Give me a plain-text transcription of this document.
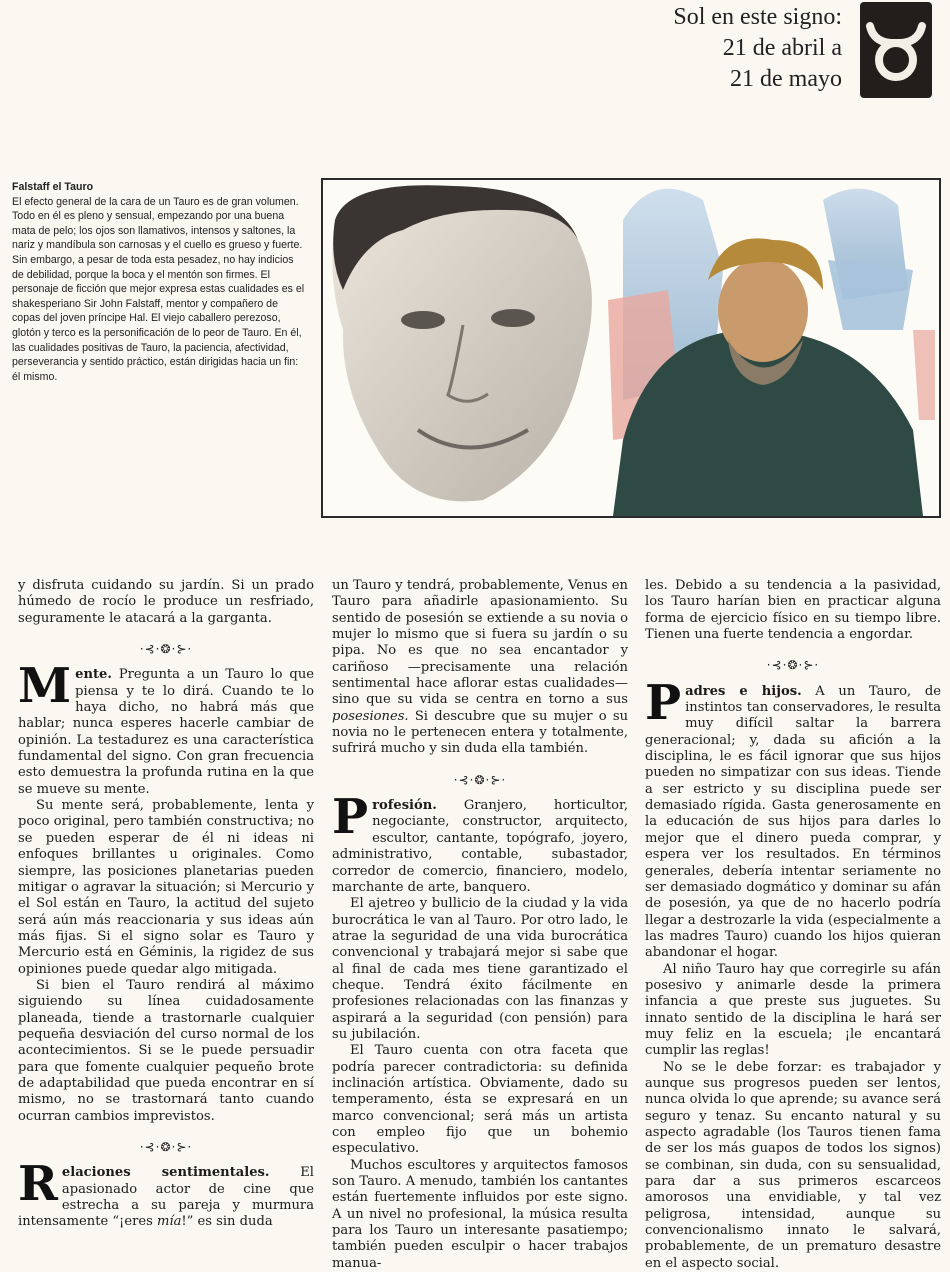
Sol en este signo:
21 de abril a
21 de mayo
Falstaff el Tauro
El efecto general de la cara de un Tauro es de gran volumen. Todo en él es pleno y sensual, empezando por una buena mata de pelo; los ojos son llamativos, intensos y saltones, la nariz y mandíbula son carnosas y el cuello es grueso y fuerte. Sin embargo, a pesar de toda esta pesadez, no hay indicios de debilidad, porque la boca y el mentón son firmes. El personaje de ficción que mejor expresa estas cualidades es el shakesperiano Sir John Falstaff, mentor y compañero de copas del joven príncipe Hal. El viejo caballero perezoso, glotón y terco es la personificación de lo peor de Tauro. En él, las cualidades positivas de Tauro, la paciencia, afectividad, perseverancia y sentido práctico, están dirigidas hacia un fin: él mismo.

y disfruta cuidando su jardín. Si un prado húmedo de rocío le produce un resfriado, seguramente le atacará a la garganta.

·⊰·❂·⊱·
M ente. Pregunta a un Tauro lo que piensa y te lo dirá. Cuando te lo haya dicho, no habrá más que hablar; nunca esperes hacerle cambiar de opinión. La testadurez es una característica fundamental del signo. Con gran frecuencia esto demuestra la profunda rutina en la que se mueve su mente.

Su mente será, probablemente, lenta y poco original, pero también constructiva; no se pueden esperar de él ni ideas ni enfoques brillantes u originales. Como siempre, las posiciones planetarias pueden mitigar o agravar la situación; si Mercurio y el Sol están en Tauro, la actitud del sujeto será aún más reaccionaria y sus ideas aún más fijas. Si el signo solar es Tauro y Mercurio está en Géminis, la rigidez de sus opiniones puede quedar algo mitigada.

Si bien el Tauro rendirá al máximo siguiendo su línea cuidadosamente planeada, tiende a trastornarle cualquier pequeña desviación del curso normal de los acontecimientos. Si se le puede persuadir para que fomente cualquier pequeño brote de adaptabilidad que pueda encontrar en sí mismo, no se trastornará tanto cuando ocurran cambios imprevistos.

·⊰·❂·⊱·
R elaciones sentimentales. El apasionado actor de cine que estrecha a su pareja y murmura intensamente “¡eres mía!” es sin duda

un Tauro y tendrá, probablemente, Venus en Tauro para añadirle apasionamiento. Su sentido de posesión se extiende a su novia o mujer lo mismo que si fuera su jardín o su pipa. No es que no sea encantador y cariñoso —precisamente una relación sentimental hace aflorar estas cualidades— sino que su vida se centra en torno a sus posesiones. Si descubre que su mujer o su novia no le pertenecen entera y totalmente, sufrirá mucho y sin duda ella también.

·⊰·❂·⊱·
P rofesión. Granjero, horticultor, negociante, constructor, arquitecto, escultor, cantante, topógrafo, joyero, administrativo, contable, subastador, corredor de comercio, financiero, modelo, marchante de arte, banquero.

El ajetreo y bullicio de la ciudad y la vida burocrática le van al Tauro. Por otro lado, le atrae la seguridad de una vida burocrática convencional y trabajará mejor si sabe que al final de cada mes tiene garantizado el cheque. Tendrá éxito fácilmente en profesiones relacionadas con las finanzas y aspirará a la seguridad (con pensión) para su jubilación.

El Tauro cuenta con otra faceta que podría parecer contradictoria: su definida inclinación artística. Obviamente, dado su temperamento, ésta se expresará en un marco convencional; será más un artista con empleo fijo que un bohemio especulativo.

Muchos escultores y arquitectos famosos son Tauro. A menudo, también los cantantes están fuertemente influidos por este signo. A un nivel no profesional, la música resulta para los Tauro un interesante pasatiempo; también pueden esculpir o hacer trabajos manua-

les. Debido a su tendencia a la pasividad, los Tauro harían bien en practicar alguna forma de ejercicio físico en su tiempo libre. Tienen una fuerte tendencia a engordar.

·⊰·❂·⊱·
P adres e hijos. A un Tauro, de instintos tan conservadores, le resulta muy difícil saltar la barrera generacional; y, dada su afición a la disciplina, le es fácil ignorar que sus hijos pueden no simpatizar con sus ideas. Tiende a ser estricto y su disciplina puede ser demasiado rígida. Gasta generosamente en la educación de sus hijos para darles lo mejor que el dinero pueda comprar, y espera ver los resultados. En términos generales, debería intentar seriamente no ser demasiado dogmático y dominar su afán de posesión, ya que de no hacerlo podría llegar a destrozarle la vida (especialmente a las madres Tauro) cuando los hijos quieran abandonar el hogar.

Al niño Tauro hay que corregirle su afán posesivo y animarle desde la primera infancia a que preste sus juguetes. Su innato sentido de la disciplina le hará ser muy feliz en la escuela; ¡le encantará cumplir las reglas!

No se le debe forzar: es trabajador y aunque sus progresos pueden ser lentos, nunca olvida lo que aprende; su avance será seguro y tenaz. Su encanto natural y su aspecto agradable (los Tauros tienen fama de ser los más guapos de todos los signos) se combinan, sin duda, con su sensualidad, para dar a sus primeros escarceos amorosos una envidiable, y tal vez peligrosa, intensidad, aunque su convencionalismo innato le salvará, probablemente, de un prematuro desastre en el aspecto social.
